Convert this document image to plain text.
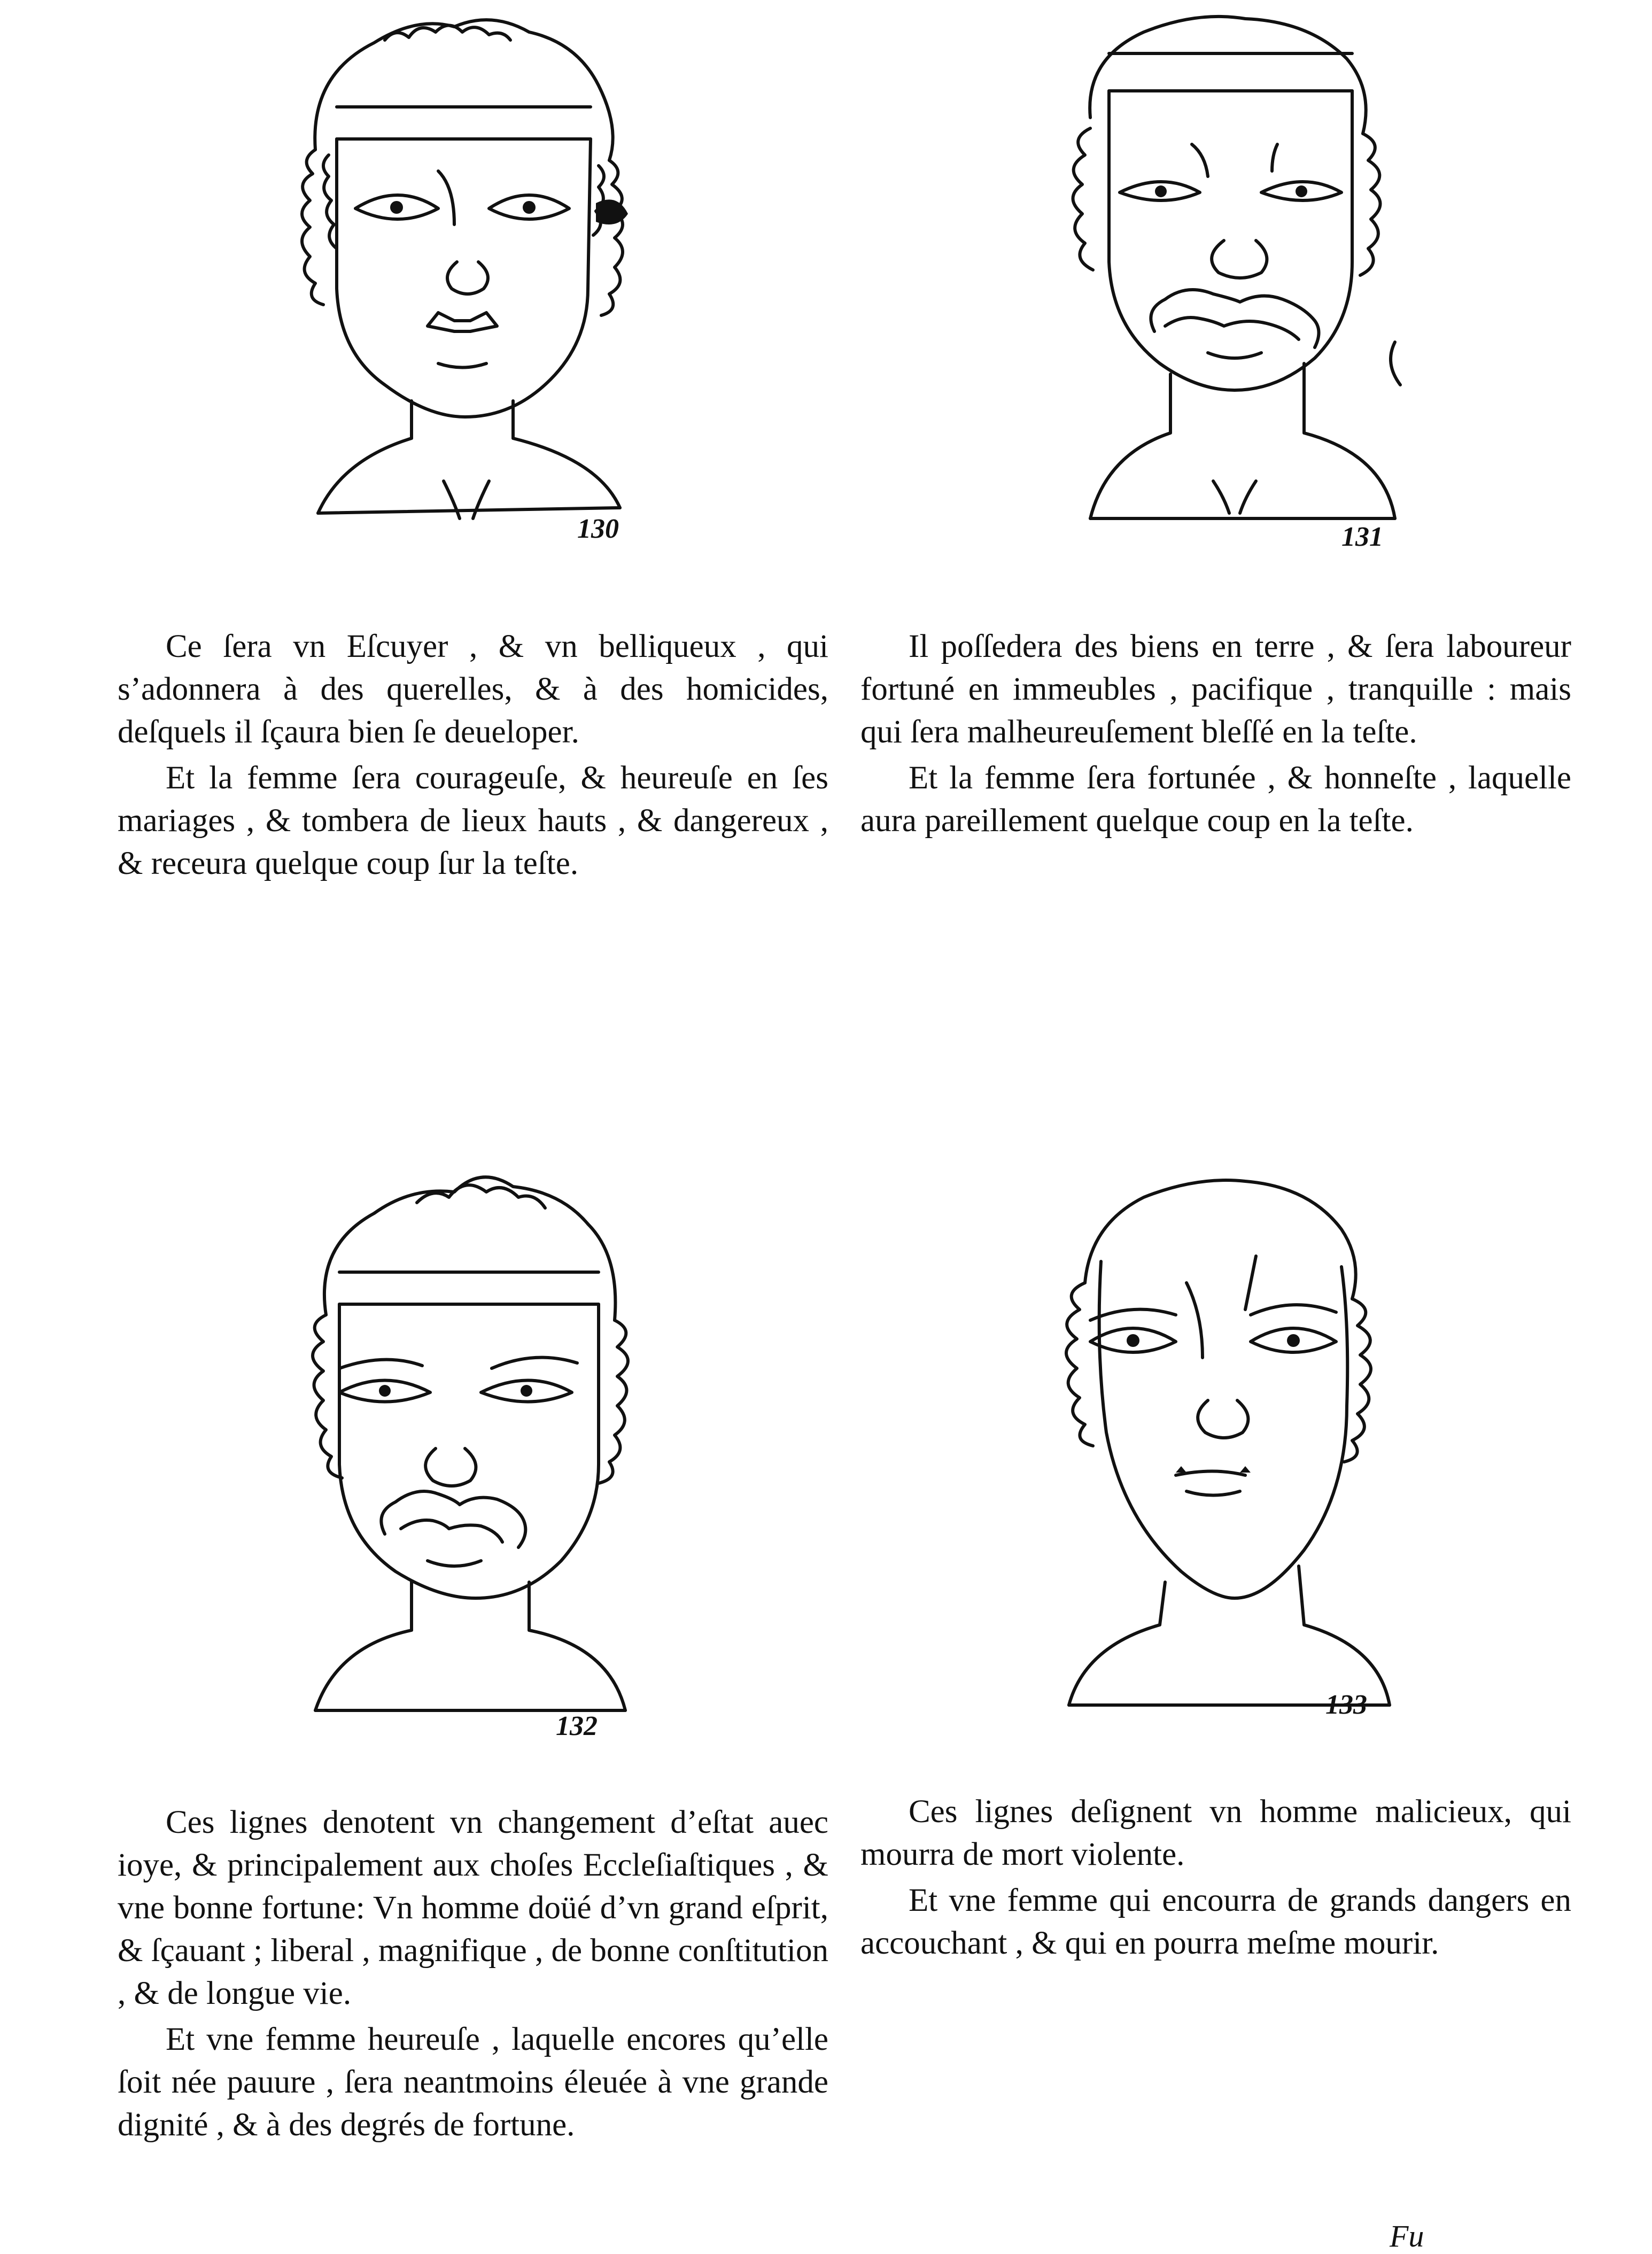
130	131
132
133

Ce ſera vn Eſcuyer , & vn belliqueux , qui s’adonnera à des querelles, & à des homicides, deſquels il ſçaura bien ſe deueloper.

Et la femme ſera courageuſe, & heureuſe en ſes mariages , & tombera de lieux hauts , & dangereux , & receura quelque coup ſur la teſte.

Il poſſedera des biens en terre , & ſera laboureur fortuné en immeubles , pacifique , tranquille : mais qui ſera malheureuſement bleſſé en la teſte.

Et la femme ſera fortunée , & honneſte , laquelle aura pareillement quelque coup en la teſte.

Ces lignes denotent vn changement d’eſtat auec ioye, & principalement aux choſes Eccleſiaſtiques , & vne bonne fortune: Vn homme doüé d’vn grand eſprit, & ſçauant ; liberal , magnifique , de bonne conſtitution , & de longue vie.

Et vne femme heureuſe , laquelle encores qu’elle ſoit née pauure , ſera neantmoins éleuée à vne grande dignité , & à des degrés de fortune.

Ces lignes deſignent vn homme malicieux, qui mourra de mort violente.

Et vne femme qui encourra de grands dangers en accouchant , & qui en pourra meſme mourir.

Fu
